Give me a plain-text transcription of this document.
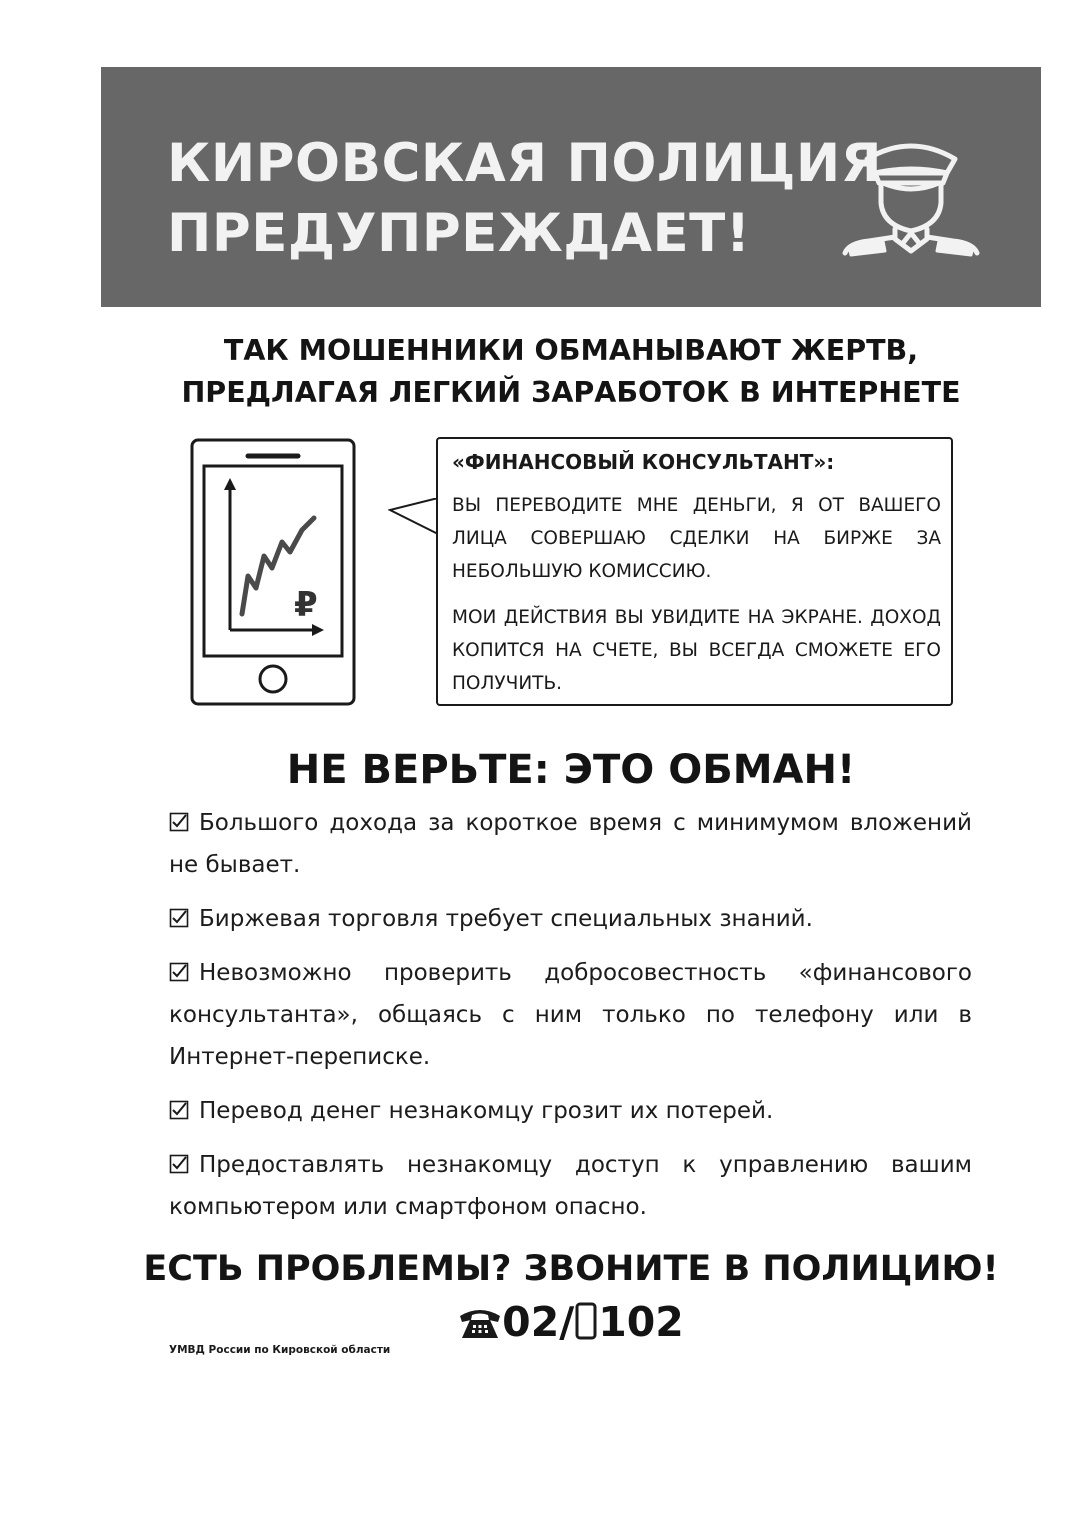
КИРОВСКАЯ ПОЛИЦИЯ
ПРЕДУПРЕЖДАЕТ!
ТАК МОШЕННИКИ ОБМАНЫВАЮТ ЖЕРТВ,
ПРЕДЛАГАЯ ЛЕГКИЙ ЗАРАБОТОК В ИНТЕРНЕТЕ
₽

«ФИНАНСОВЫЙ КОНСУЛЬТАНТ»:

ВЫ ПЕРЕВОДИТЕ МНЕ ДЕНЬГИ, Я ОТ ВАШЕГО ЛИЦА СОВЕРШАЮ СДЕЛКИ НА БИРЖЕ ЗА НЕБОЛЬШУЮ КОМИССИЮ.

МОИ ДЕЙСТВИЯ ВЫ УВИДИТЕ НА ЭКРАНЕ. ДОХОД КОПИТСЯ НА СЧЕТЕ, ВЫ ВСЕГДА СМОЖЕТЕ ЕГО ПОЛУЧИТЬ.

НЕ ВЕРЬТЕ: ЭТО ОБМАН!
Большого дохода за короткое время с минимумом вложений не бывает.
Биржевая торговля требует специальных знаний.
Невозможно проверить добросовестность «финансового консультанта», общаясь с ним только по телефону или в Интернет-переписке.
Перевод денег незнакомцу грозит их потерей.
Предоставлять незнакомцу доступ к управлению вашим компьютером или смартфоном опасно.
ЕСТЬ ПРОБЛЕМЫ? ЗВОНИТЕ В ПОЛИЦИЮ!
02/ 102

УМВД России по Кировской области
